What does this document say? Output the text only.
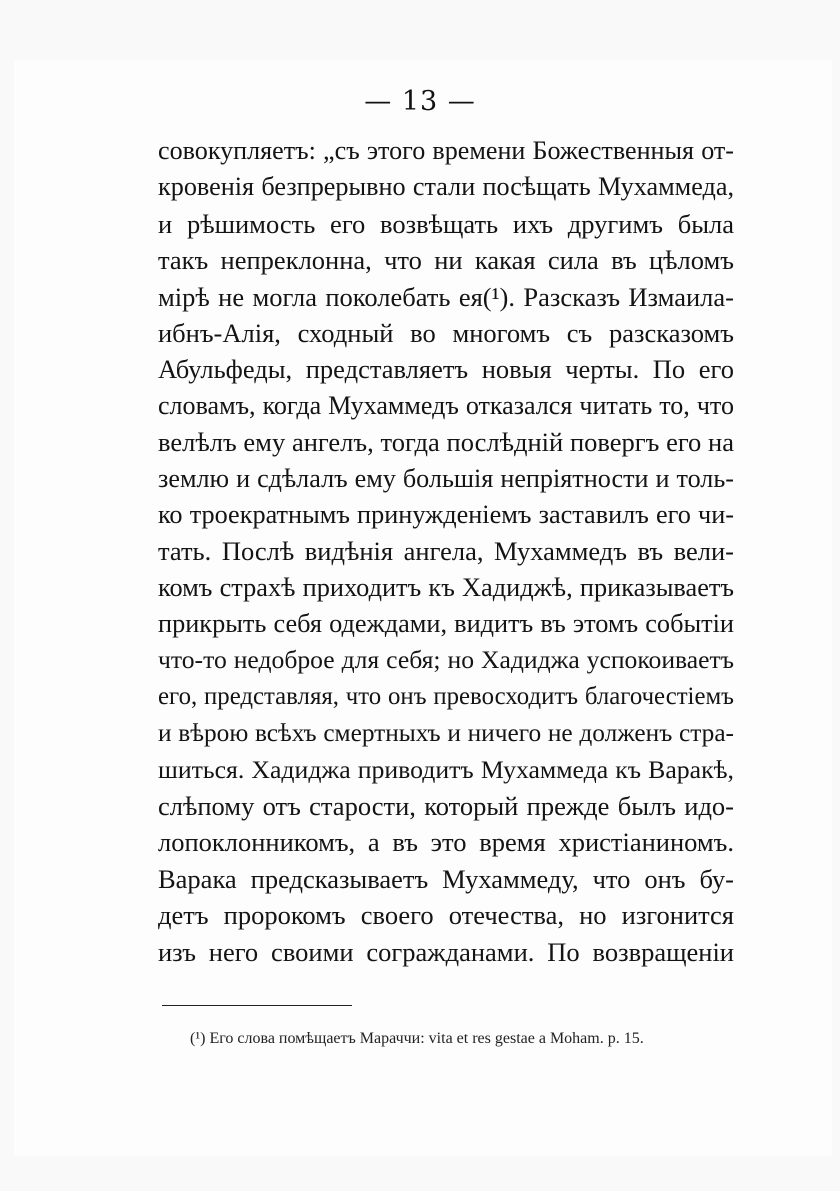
— 13 —
совокупляетъ: „съ этого времени Божественныя от-
кровенія безпрерывно стали посѣщать Мухаммеда,
и рѣшимость его возвѣщать ихъ другимъ была
такъ непреклонна, что ни какая сила въ цѣломъ
мірѣ не могла поколебать ея(¹). Разсказъ Измаила-
ибнъ-Алія, сходный во многомъ съ разсказомъ
Абульфеды, представляетъ новыя черты. По его
словамъ, когда Мухаммедъ отказался читать то, что
велѣлъ ему ангелъ, тогда послѣдній повергъ его на
землю и сдѣлалъ ему большія непріятности и толь-
ко троекратнымъ принужденіемъ заставилъ его чи-
тать. Послѣ видѣнія ангела, Мухаммедъ въ вели-
комъ страхѣ приходитъ къ Хадиджѣ, приказываетъ
прикрыть себя одеждами, видитъ въ этомъ событіи
что-то недоброе для себя; но Хадиджа успокоиваетъ
его, представляя, что онъ превосходитъ благочестіемъ
и вѣрою всѣхъ смертныхъ и ничего не долженъ стра-
шиться. Хадиджа приводитъ Мухаммеда къ Варакѣ,
слѣпому отъ старости, который прежде былъ идо-
лопоклонникомъ, а въ это время христіаниномъ.
Варака предсказываетъ Мухаммеду, что онъ бу-
детъ пророкомъ своего отечества, но изгонится
изъ него своими согражданами. По возвращеніи
(¹) Его слова помѣщаетъ Мараччи: vita et res gestae a Moham. p. 15.
